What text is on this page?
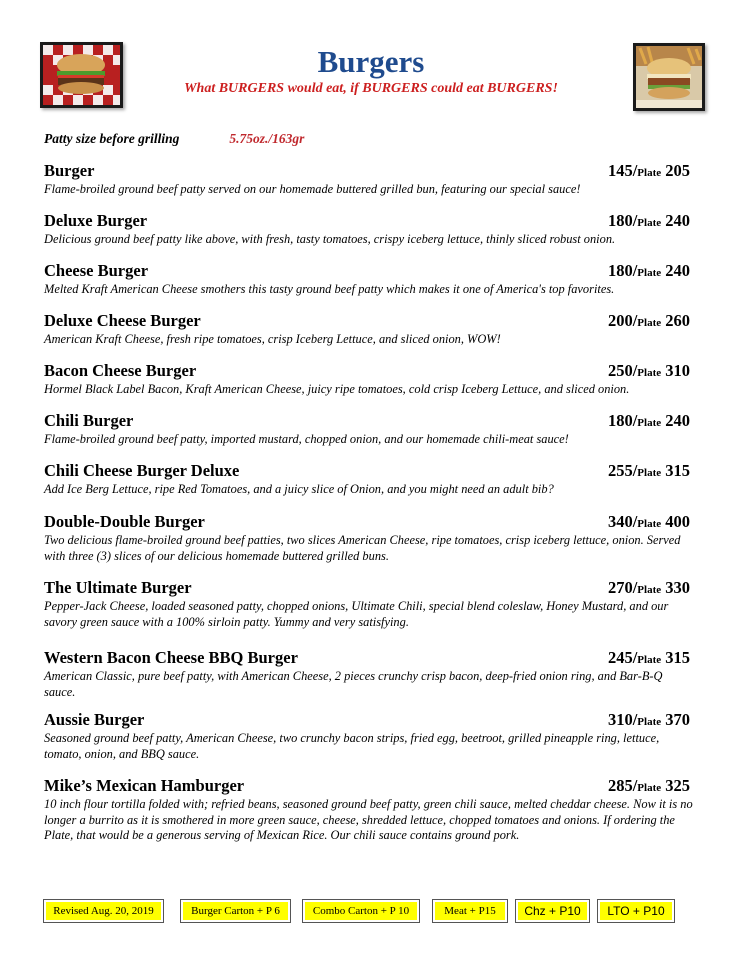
Burgers
What BURGERS would eat, if BURGERS could eat BURGERS!
Patty size before grilling	5.75oz./163gr
Burger	145/Plate 205
Flame-broiled ground beef patty served on our homemade buttered grilled bun, featuring our special sauce!
Deluxe Burger	180/Plate 240
Delicious ground beef patty like above, with fresh, tasty tomatoes, crispy iceberg lettuce, thinly sliced robust onion.
Cheese Burger	180/Plate 240
Melted Kraft American Cheese smothers this tasty ground beef patty which makes it one of America's top favorites.
Deluxe Cheese Burger	200/Plate 260
American Kraft Cheese, fresh ripe tomatoes, crisp Iceberg Lettuce, and sliced onion, WOW!
Bacon Cheese Burger	250/Plate 310
Hormel Black Label Bacon, Kraft American Cheese, juicy ripe tomatoes, cold crisp Iceberg Lettuce, and sliced onion.
Chili Burger	180/Plate 240
Flame-broiled ground beef patty, imported mustard, chopped onion, and our homemade chili-meat sauce!
Chili Cheese Burger Deluxe	255/Plate 315
Add Ice Berg Lettuce, ripe Red Tomatoes, and a juicy slice of Onion, and you might need an adult bib?
Double-Double Burger	340/Plate 400
Two delicious flame-broiled ground beef patties, two slices American Cheese, ripe tomatoes, crisp iceberg lettuce, onion. Served with three (3) slices of our delicious homemade buttered grilled buns.
The Ultimate Burger	270/Plate 330
Pepper-Jack Cheese, loaded seasoned patty, chopped onions, Ultimate Chili, special blend coleslaw, Honey Mustard, and our savory green sauce with a 100% sirloin patty. Yummy and very satisfying.
Western Bacon Cheese BBQ Burger	245/Plate 315
American Classic, pure beef patty, with American Cheese, 2 pieces crunchy crisp bacon, deep-fried onion ring, and Bar-B-Q sauce.
Aussie Burger	310/Plate 370
Seasoned ground beef patty, American Cheese, two crunchy bacon strips, fried egg, beetroot, grilled pineapple ring, lettuce, tomato, onion, and BBQ sauce.
Mike’s Mexican Hamburger	285/Plate 325
10 inch flour tortilla folded with; refried beans, seasoned ground beef patty, green chili sauce, melted cheddar cheese. Now it is no longer a burrito as it is smothered in more green sauce, cheese, shredded lettuce, chopped tomatoes and onions. If ordering the Plate, that would be a generous serving of Mexican Rice. Our chili sauce contains ground pork.
Revised Aug. 20, 2019	Burger Carton + P 6	Combo Carton + P 10	Meat + P15	Chz + P10	LTO + P10
